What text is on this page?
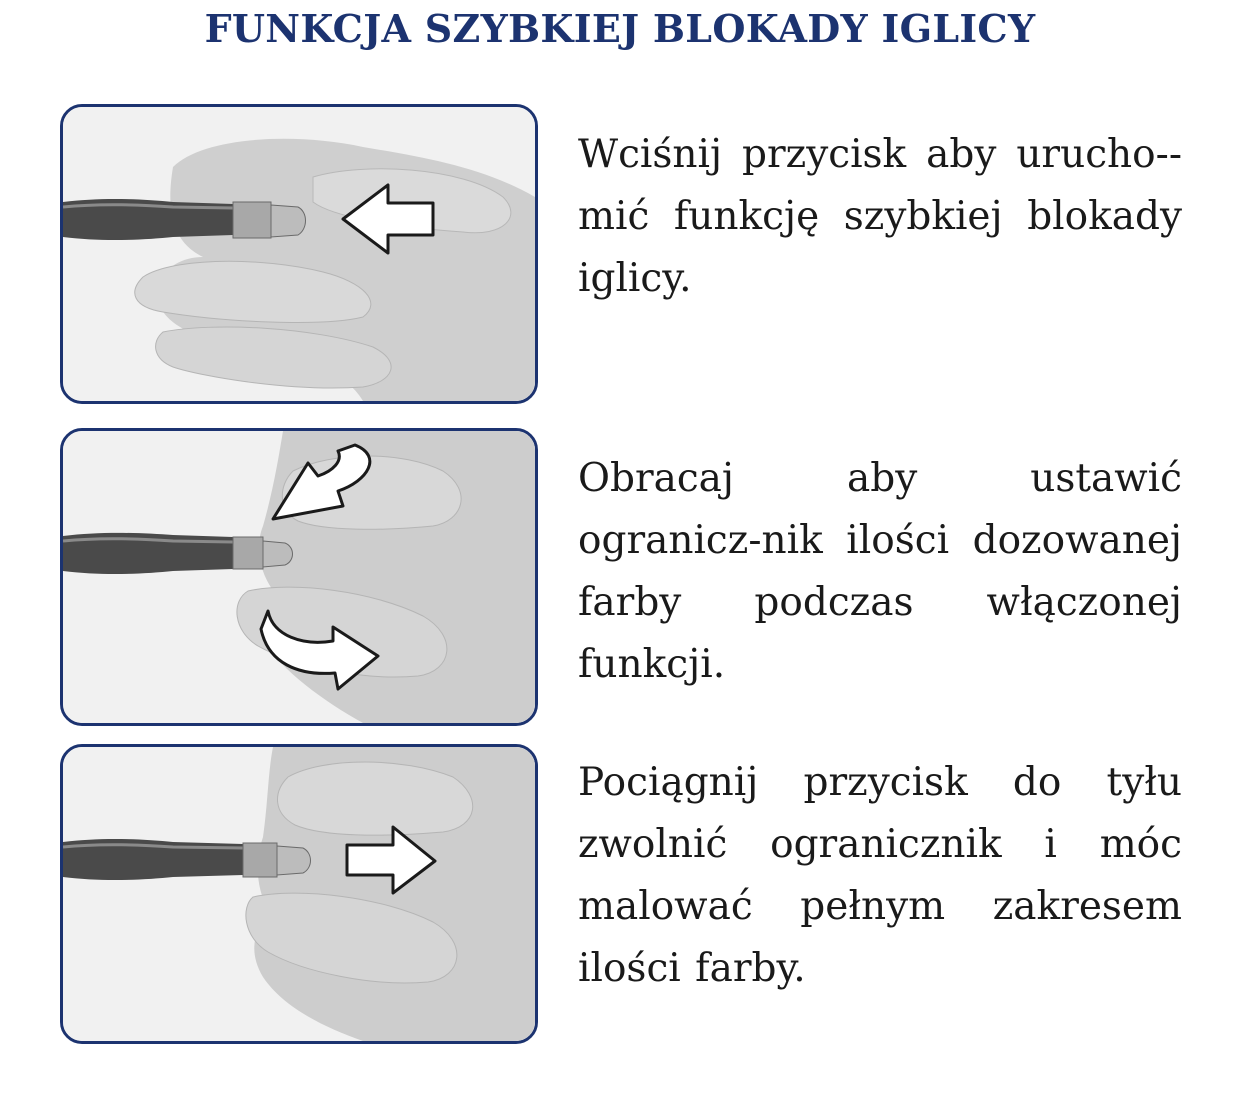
FUNKCJA SZYBKIEJ BLOKADY IGLICY
Wciśnij przycisk aby urucho-mić funkcję szybkiej blokady iglicy.
Obracaj aby ustawić ogranicz-nik ilości dozowanej farby podczas włączonej funkcji.
Pociągnij przycisk do tyłu zwolnić ogranicznik i móc malować pełnym zakresem ilości farby.
